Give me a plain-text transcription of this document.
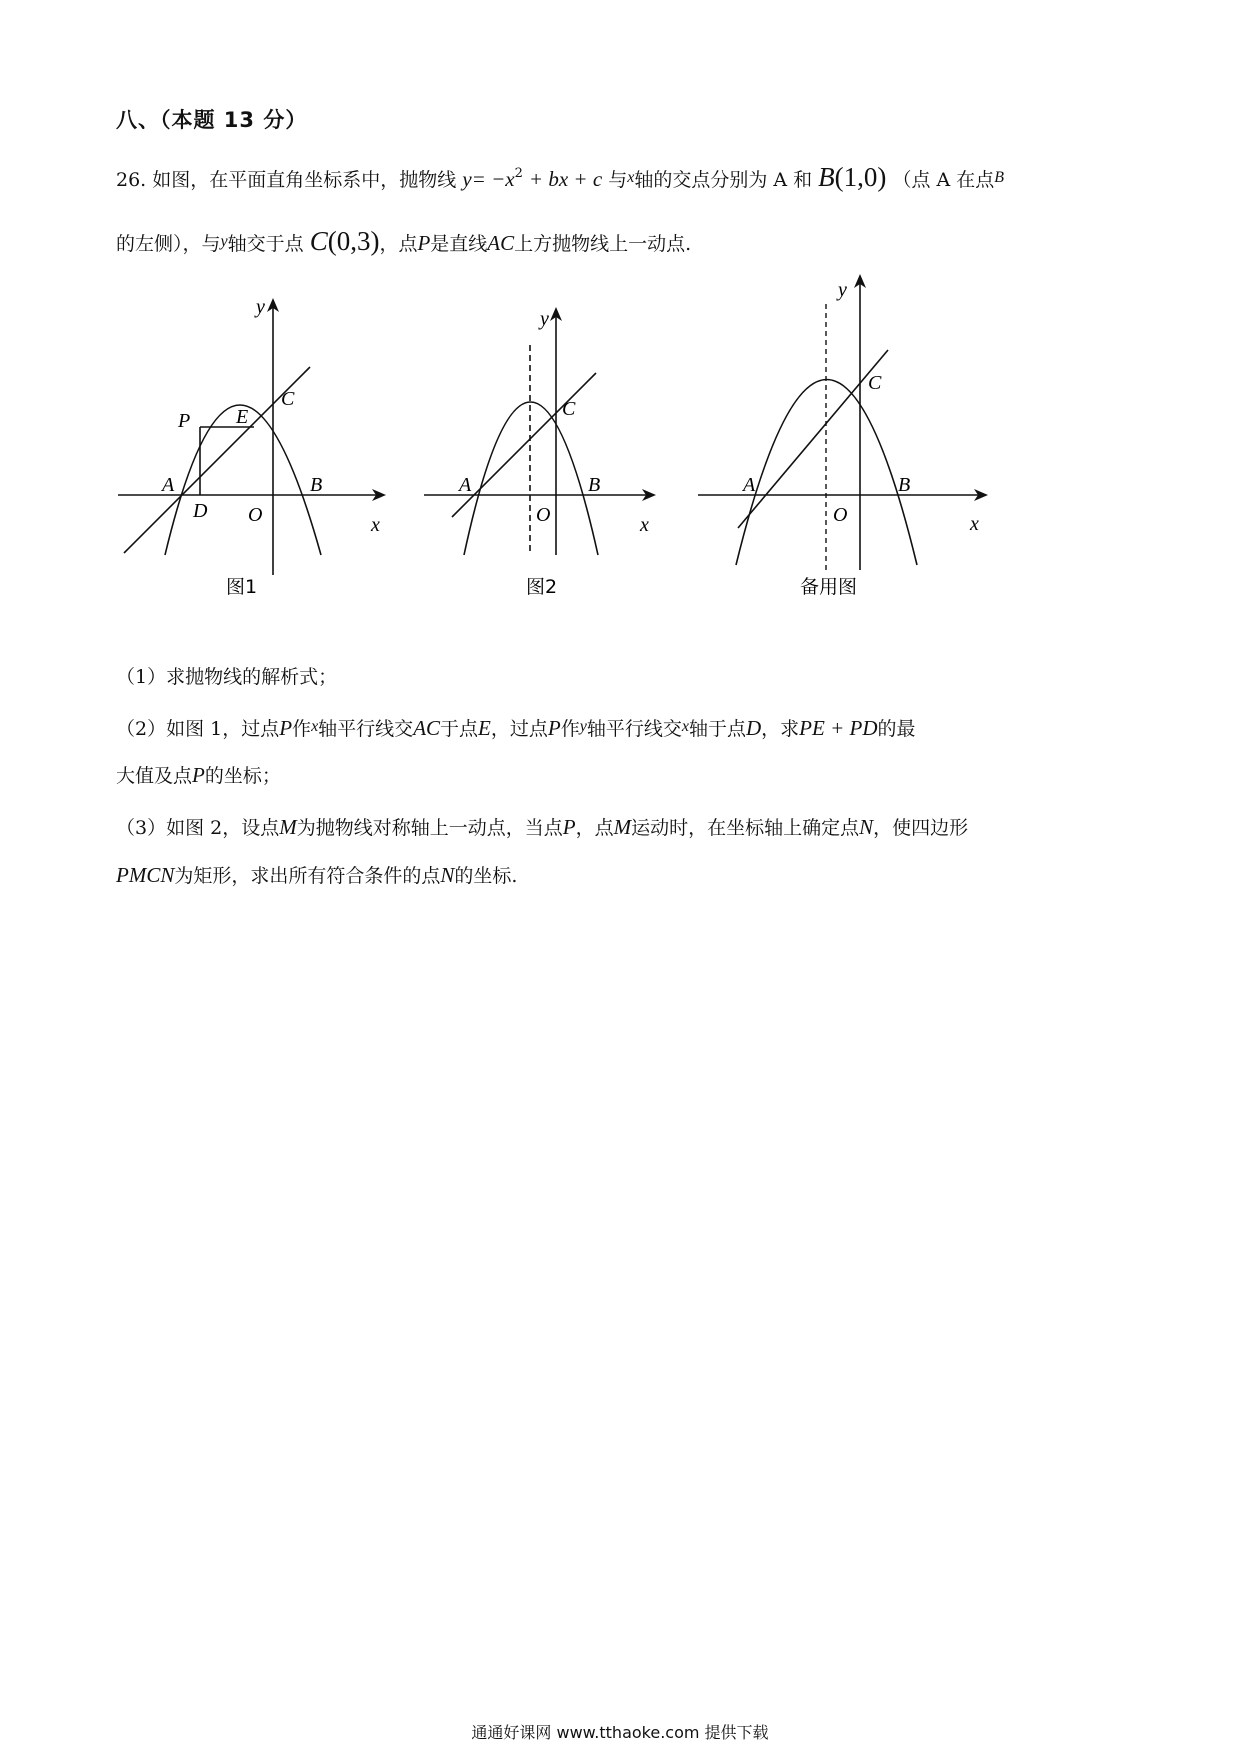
八、（本题 13 分）
26. 如图，在平面直角坐标系中，抛物线 $y= -x^2$ + bx + c 与$^x$轴的交点分别为 A 和 B(1,0) （点 A 在点$^B$
的左侧），与$^y$轴交于点 C(0,3)，点P是直线AC上方抛物线上一动点.
y
x
O
A	B
C
P E
D
图1
y
x
O
A	B
C
图2
y
x
O
A	B
C
备用图
（1）求抛物线的解析式；
（2）如图 1，过点P作$^x$轴平行线交AC于点E，过点P作$^y$轴平行线交$^x$轴于点D，求PE + PD的最
大值及点P的坐标；
（3）如图 2，设点M为抛物线对称轴上一动点，当点P，点M运动时，在坐标轴上确定点N，使四边形
PMCN为矩形，求出所有符合条件的点N的坐标.
通通好课网 www.tthaoke.com 提供下载
